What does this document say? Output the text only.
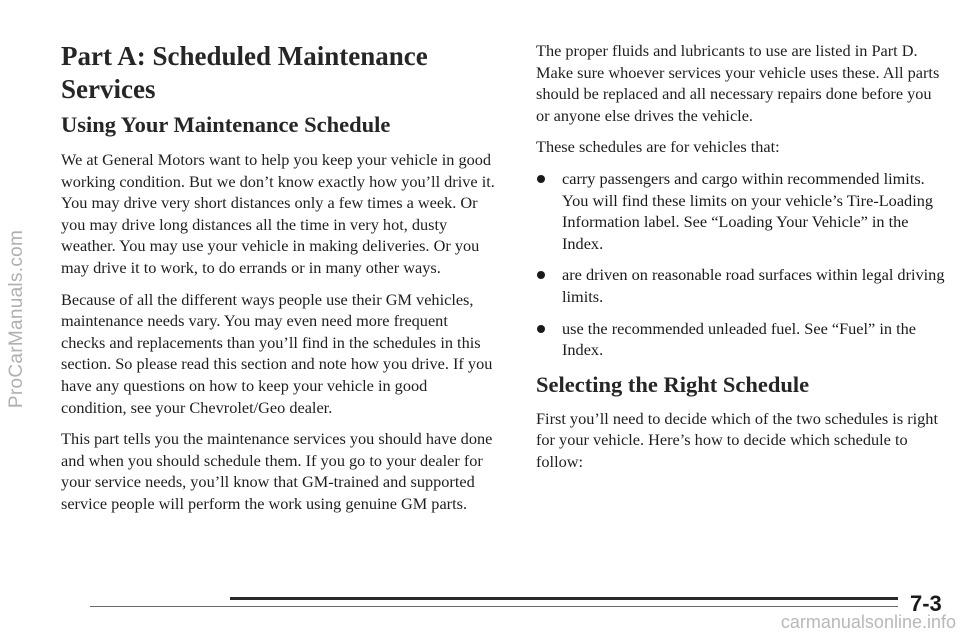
ProCarManuals.com
Part A: Scheduled Maintenance Services
Using Your Maintenance Schedule

We at General Motors want to help you keep your vehicle in good working condition. But we don’t know exactly how you’ll drive it. You may drive very short distances only a few times a week. Or you may drive long distances all the time in very hot, dusty weather. You may use your vehicle in making deliveries. Or you may drive it to work, to do errands or in many other ways.

Because of all the different ways people use their GM vehicles, maintenance needs vary. You may even need more frequent checks and replacements than you’ll find in the schedules in this section. So please read this section and note how you drive. If you have any questions on how to keep your vehicle in good condition, see your Chevrolet/Geo dealer.

This part tells you the maintenance services you should have done and when you should schedule them. If you go to your dealer for your service needs, you’ll know that GM-trained and supported service people will perform the work using genuine GM parts.

The proper fluids and lubricants to use are listed in Part D. Make sure whoever services your vehicle uses these. All parts should be replaced and all necessary repairs done before you or anyone else drives the vehicle.

These schedules are for vehicles that:

carry passengers and cargo within recommended limits. You will find these limits on your vehicle’s Tire-Loading Information label. See “Loading Your Vehicle” in the Index.
are driven on reasonable road surfaces within legal driving limits.
use the recommended unleaded fuel. See “Fuel” in the Index.
Selecting the Right Schedule

First you’ll need to decide which of the two schedules is right for your vehicle. Here’s how to decide which schedule to follow:

7-3
carmanualsonline.info
